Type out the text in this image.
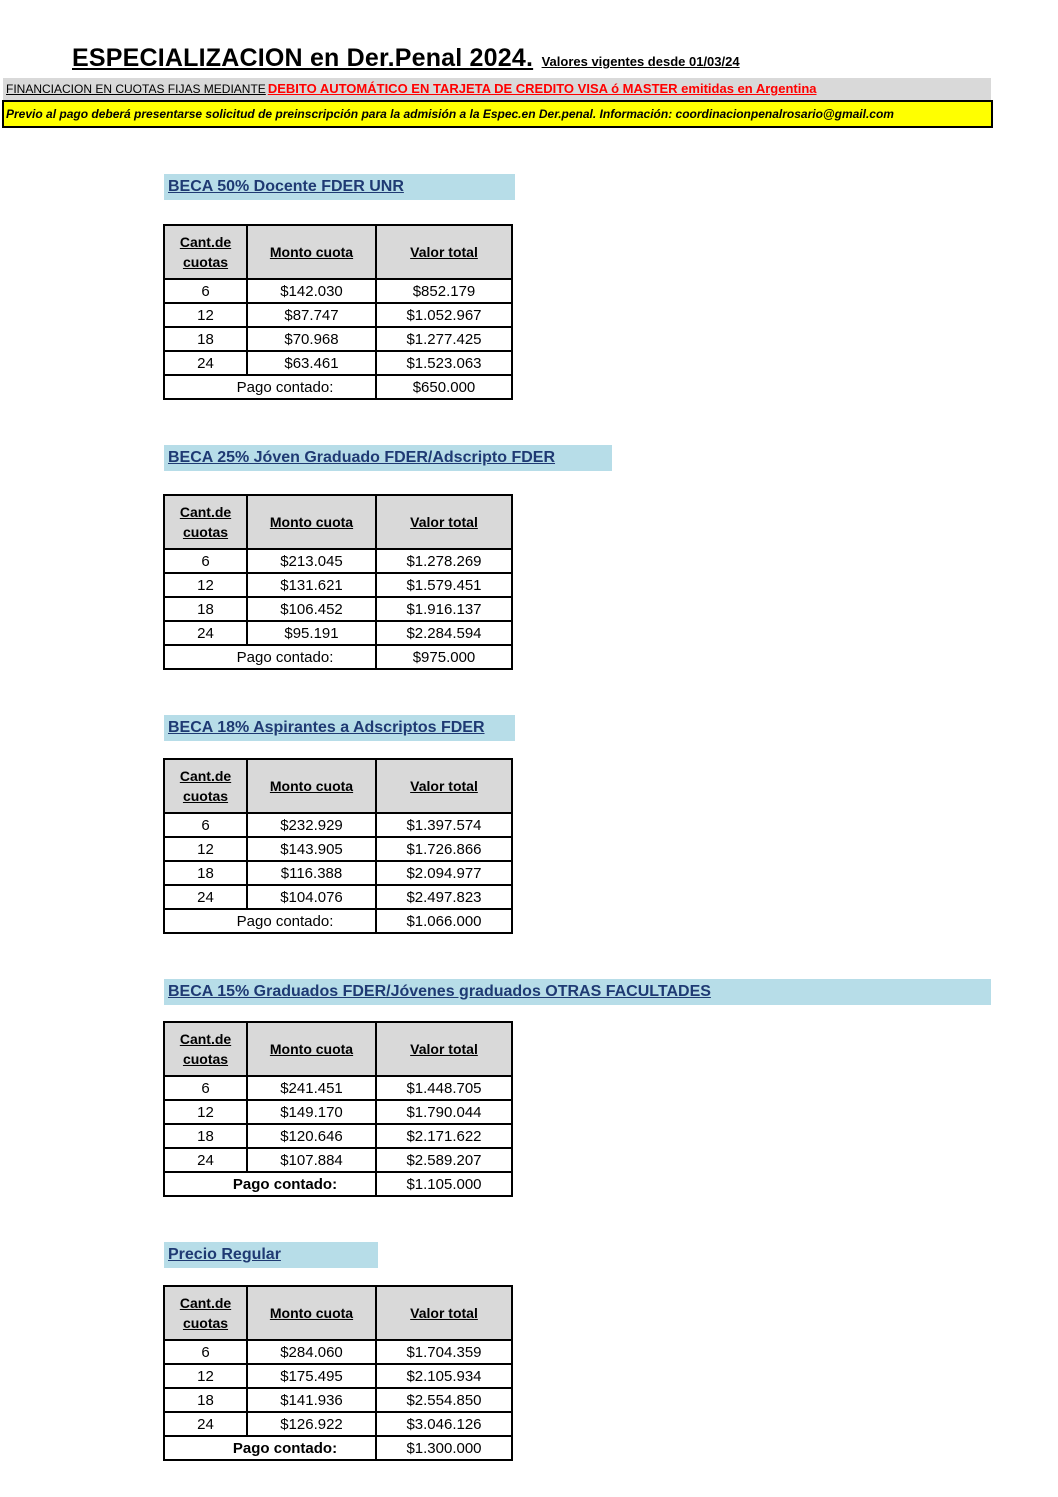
ESPECIALIZACION en Der.Penal 2024. Valores vigentes desde 01/03/24
FINANCIACION EN CUOTAS FIJAS MEDIANTE DEBITO AUTOMÁTICO EN TARJETA DE CREDITO VISA ó MASTER emitidas en Argentina
Previo al pago deberá presentarse solicitud de preinscripción para la admisión a la Espec.en Der.penal. Información: coordinacionpenalrosario@gmail.com
BECA 50% Docente FDER UNR
Cant.de
cuotas	Monto cuota	Valor total
6	$142.030	$852.179
12	$87.747	$1.052.967
18	$70.968	$1.277.425
24	$63.461	$1.523.063
Pago contado:		$650.000
BECA 25% Jóven Graduado FDER/Adscripto FDER
Cant.de
cuotas	Monto cuota	Valor total
6	$213.045	$1.278.269
12	$131.621	$1.579.451
18	$106.452	$1.916.137
24	$95.191	$2.284.594
Pago contado:		$975.000
BECA 18% Aspirantes a Adscriptos FDER
Cant.de
cuotas	Monto cuota	Valor total
6	$232.929	$1.397.574
12	$143.905	$1.726.866
18	$116.388	$2.094.977
24	$104.076	$2.497.823
Pago contado:		$1.066.000
BECA 15% Graduados FDER/Jóvenes graduados OTRAS FACULTADES
Cant.de
cuotas	Monto cuota	Valor total
6	$241.451	$1.448.705
12	$149.170	$1.790.044
18	$120.646	$2.171.622
24	$107.884	$2.589.207
Pago contado:		$1.105.000
Precio Regular
Cant.de
cuotas	Monto cuota	Valor total
6	$284.060	$1.704.359
12	$175.495	$2.105.934
18	$141.936	$2.554.850
24	$126.922	$3.046.126
Pago contado:		$1.300.000
